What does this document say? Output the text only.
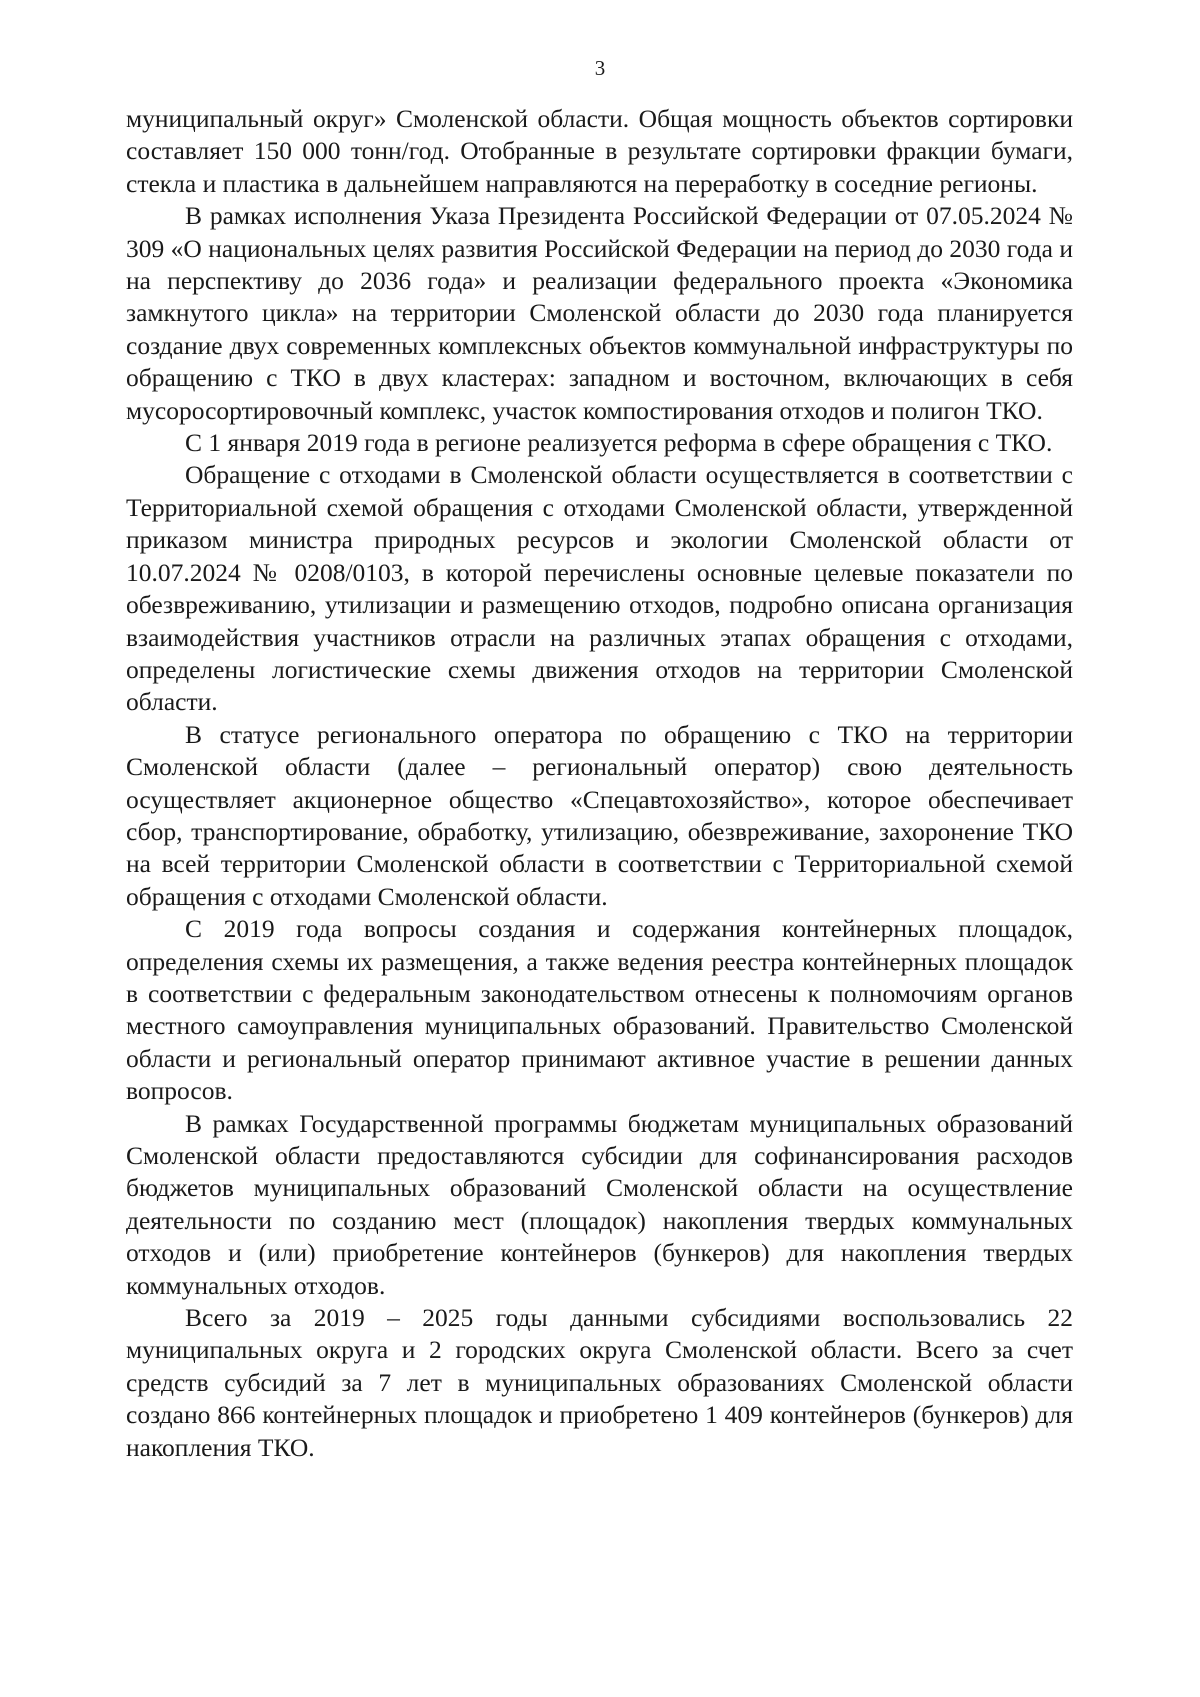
3

муниципальный округ» Смоленской области. Общая мощность объектов сортировки составляет 150 000 тонн/год. Отобранные в результате сортировки фракции бумаги, стекла и пластика в дальнейшем направляются на переработку в соседние регионы.

В рамках исполнения Указа Президента Российской Федерации от 07.05.2024 № 309 «О национальных целях развития Российской Федерации на период до 2030 года и на перспективу до 2036 года» и реализации федерального проекта «Экономика замкнутого цикла» на территории Смоленской области до 2030 года планируется создание двух современных комплексных объектов коммунальной инфраструктуры по обращению с ТКО в двух кластерах: западном и восточном, включающих в себя мусоросортировочный комплекс, участок компостирования отходов и полигон ТКО.

С 1 января 2019 года в регионе реализуется реформа в сфере обращения с ТКО.

Обращение с отходами в Смоленской области осуществляется в соответствии с Территориальной схемой обращения с отходами Смоленской области, утвержденной приказом министра природных ресурсов и экологии Смоленской области от 10.07.2024 № 0208/0103, в которой перечислены основные целевые показатели по обезвреживанию, утилизации и размещению отходов, подробно описана организация взаимодействия участников отрасли на различных этапах обращения с отходами, определены логистические схемы движения отходов на территории Смоленской области.

В статусе регионального оператора по обращению с ТКО на территории Смоленской области (далее – региональный оператор) свою деятельность осуществляет акционерное общество «Спецавтохозяйство», которое обеспечивает сбор, транспортирование, обработку, утилизацию, обезвреживание, захоронение ТКО на всей территории Смоленской области в соответствии с Территориальной схемой обращения с отходами Смоленской области.

С 2019 года вопросы создания и содержания контейнерных площадок, определения схемы их размещения, а также ведения реестра контейнерных площадок в соответствии с федеральным законодательством отнесены к полномочиям органов местного самоуправления муниципальных образований. Правительство Смоленской области и региональный оператор принимают активное участие в решении данных вопросов.

В рамках Государственной программы бюджетам муниципальных образований Смоленской области предоставляются субсидии для софинансирования расходов бюджетов муниципальных образований Смоленской области на осуществление деятельности по созданию мест (площадок) накопления твердых коммунальных отходов и (или) приобретение контейнеров (бункеров) для накопления твердых коммунальных отходов.

Всего за 2019 – 2025 годы данными субсидиями воспользовались 22 муниципальных округа и 2 городских округа Смоленской области. Всего за счет средств субсидий за 7 лет в муниципальных образованиях Смоленской области создано 866 контейнерных площадок и приобретено 1 409 контейнеров (бункеров) для накопления ТКО.
